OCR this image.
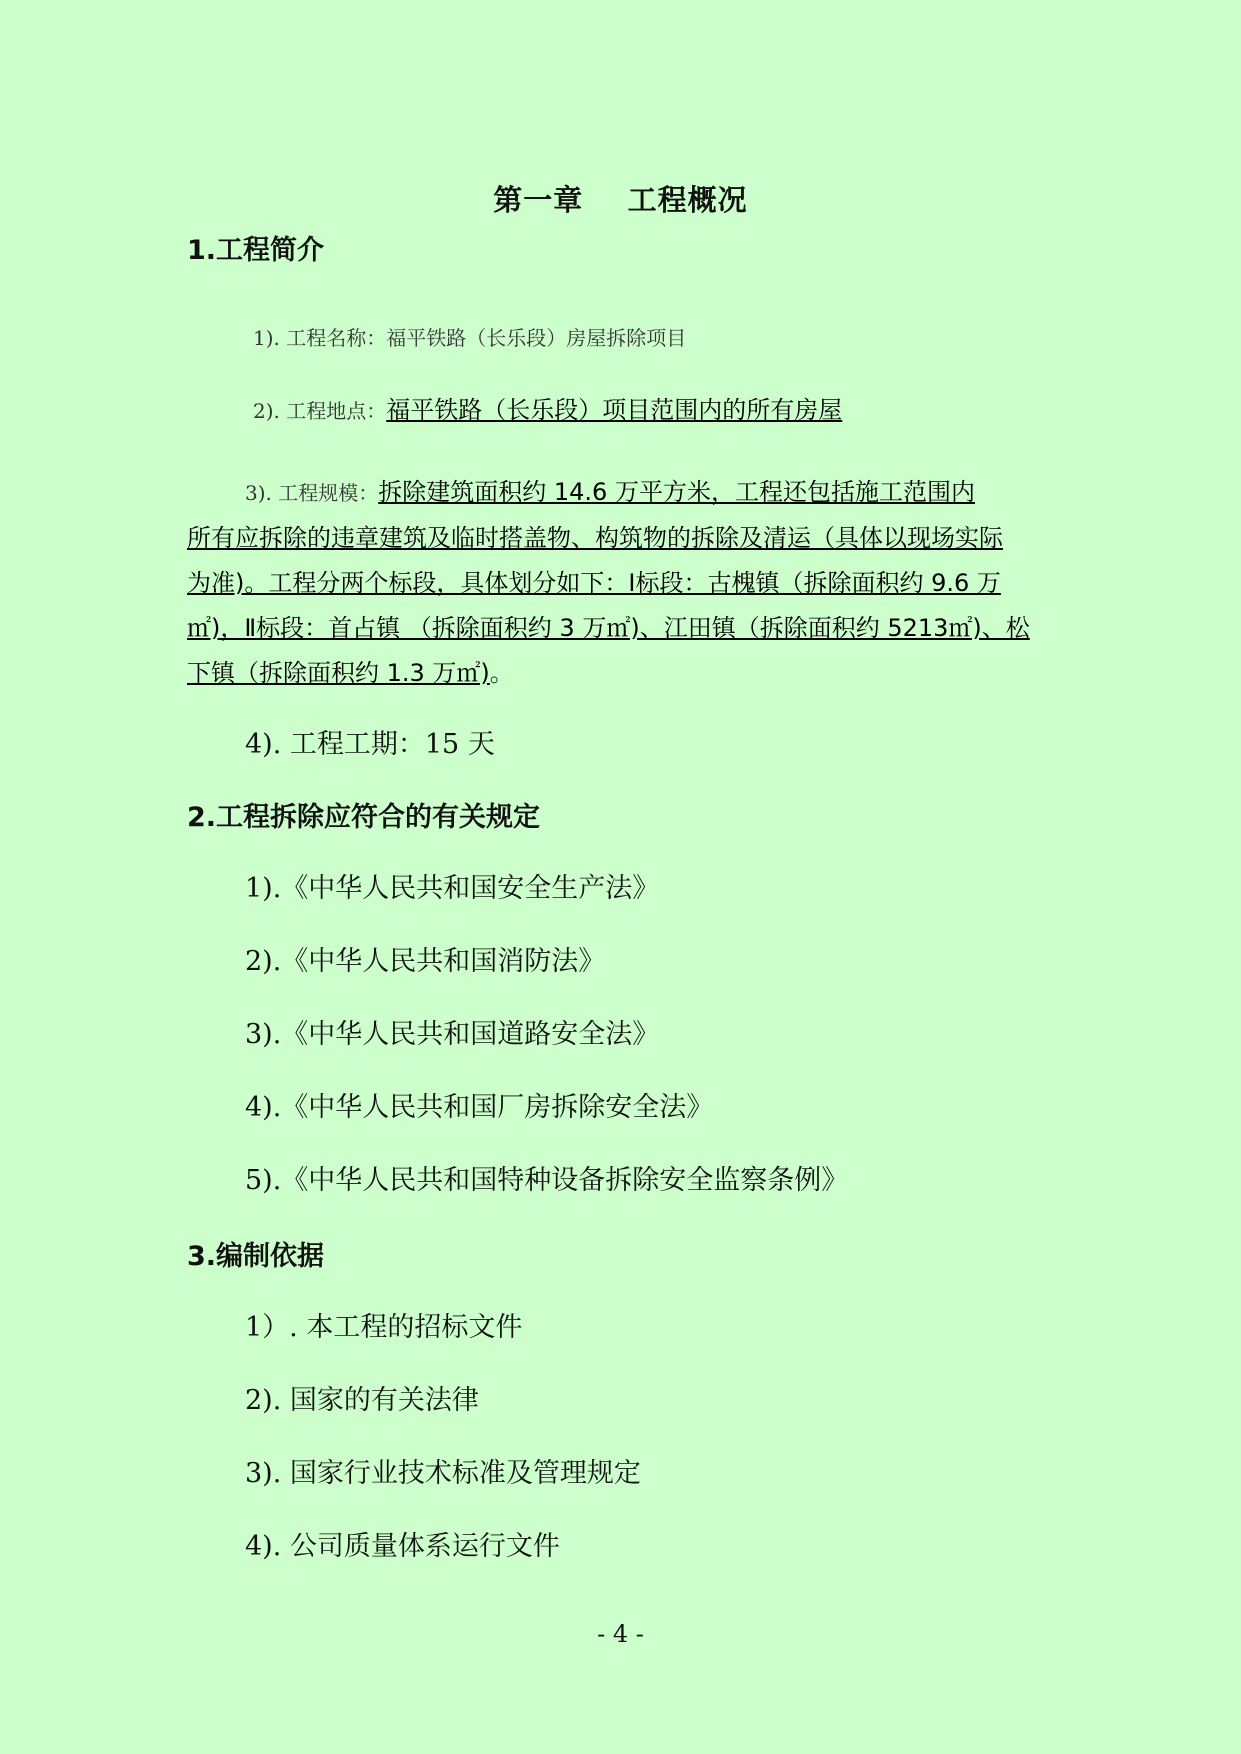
第一章    工程概况
1.工程简介
1). 工程名称：福平铁路（长乐段）房屋拆除项目
2). 工程地点：福平铁路（长乐段）项目范围内的所有房屋
3). 工程规模：拆除建筑面积约 14.6 万平方米，工程还包括施工范围内
所有应拆除的违章建筑及临时搭盖物、构筑物的拆除及清运（具体以现场实际
为准)。工程分两个标段，具体划分如下：Ⅰ标段：古槐镇（拆除面积约 9.6 万
㎡)，Ⅱ标段：首占镇 （拆除面积约 3 万㎡)、江田镇（拆除面积约 5213㎡)、松
下镇（拆除面积约 1.3 万㎡)。
4). 工程工期：15 天
2.工程拆除应符合的有关规定
1).《中华人民共和国安全生产法》
2).《中华人民共和国消防法》
3).《中华人民共和国道路安全法》
4).《中华人民共和国厂房拆除安全法》
5).《中华人民共和国特种设备拆除安全监察条例》
3.编制依据
1）. 本工程的招标文件
2). 国家的有关法律
3). 国家行业技术标准及管理规定
4). 公司质量体系运行文件
- 4 -
